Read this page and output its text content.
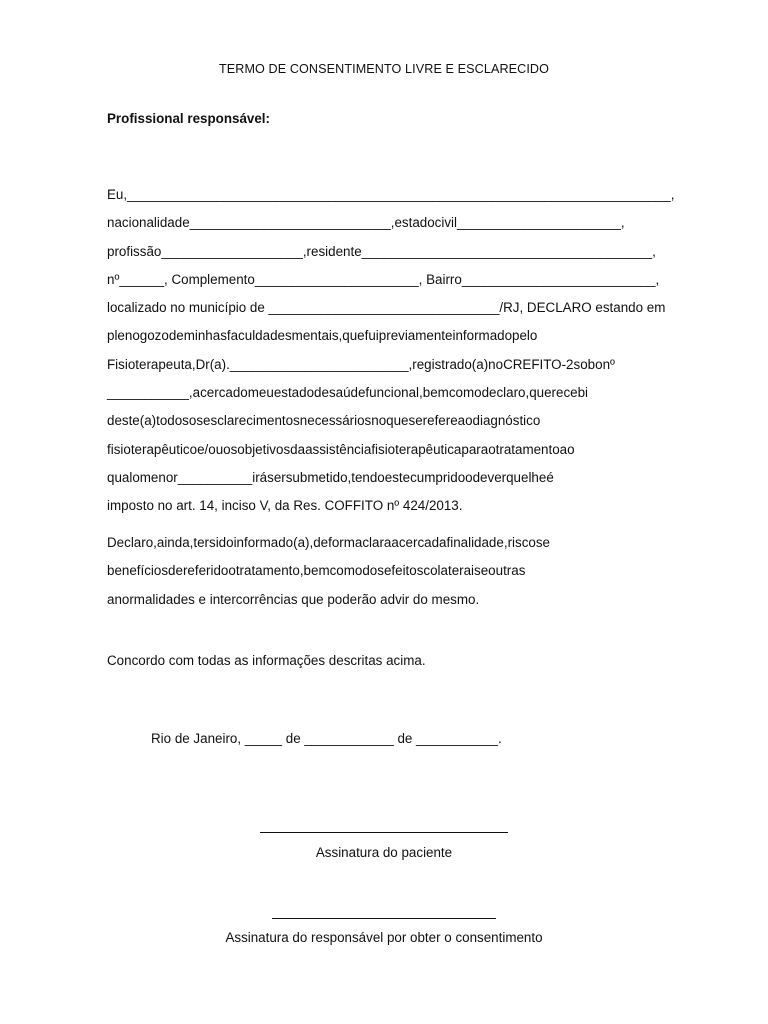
TERMO DE CONSENTIMENTO LIVRE E ESCLARECIDO
Profissional responsável:
Eu,_________________________________________________________________________,
nacionalidade___________________________,estadocivil______________________,
profissão___________________,residente_______________________________________,
nº______, Complemento______________________, Bairro__________________________,
localizado no município de _______________________________/RJ, DECLARO estando em
plenogozodeminhasfaculdadesmentais,quefuipreviamenteinformadopelo
Fisioterapeuta,Dr(a).________________________,registrado(a)noCREFITO-2sobonº
___________,acercadomeuestadodesaúdefuncional,bemcomodeclaro,querecebi
deste(a)todososesclarecimentosnecessáriosnoqueserefereaodiagnóstico
fisioterapêuticoe/ouosobjetivosdaassistênciafisioterapêuticaparaotratamentoao
qualomenor__________irásersubmetido,tendoestecumpridoodeverquelheé
imposto no art. 14, inciso V, da Res. COFFITO nº 424/2013.
Declaro,ainda,tersidoinformado(a),deformaclaraacercadafinalidade,riscose
benefíciosdereferidootratamento,bemcomodosefeitoscolateraiseoutras
anormalidades e intercorrências que poderão advir do mesmo.
Concordo com todas as informações descritas acima.
Rio de Janeiro, _____ de ____________ de ___________.
Assinatura do paciente
Assinatura do responsável por obter o consentimento
